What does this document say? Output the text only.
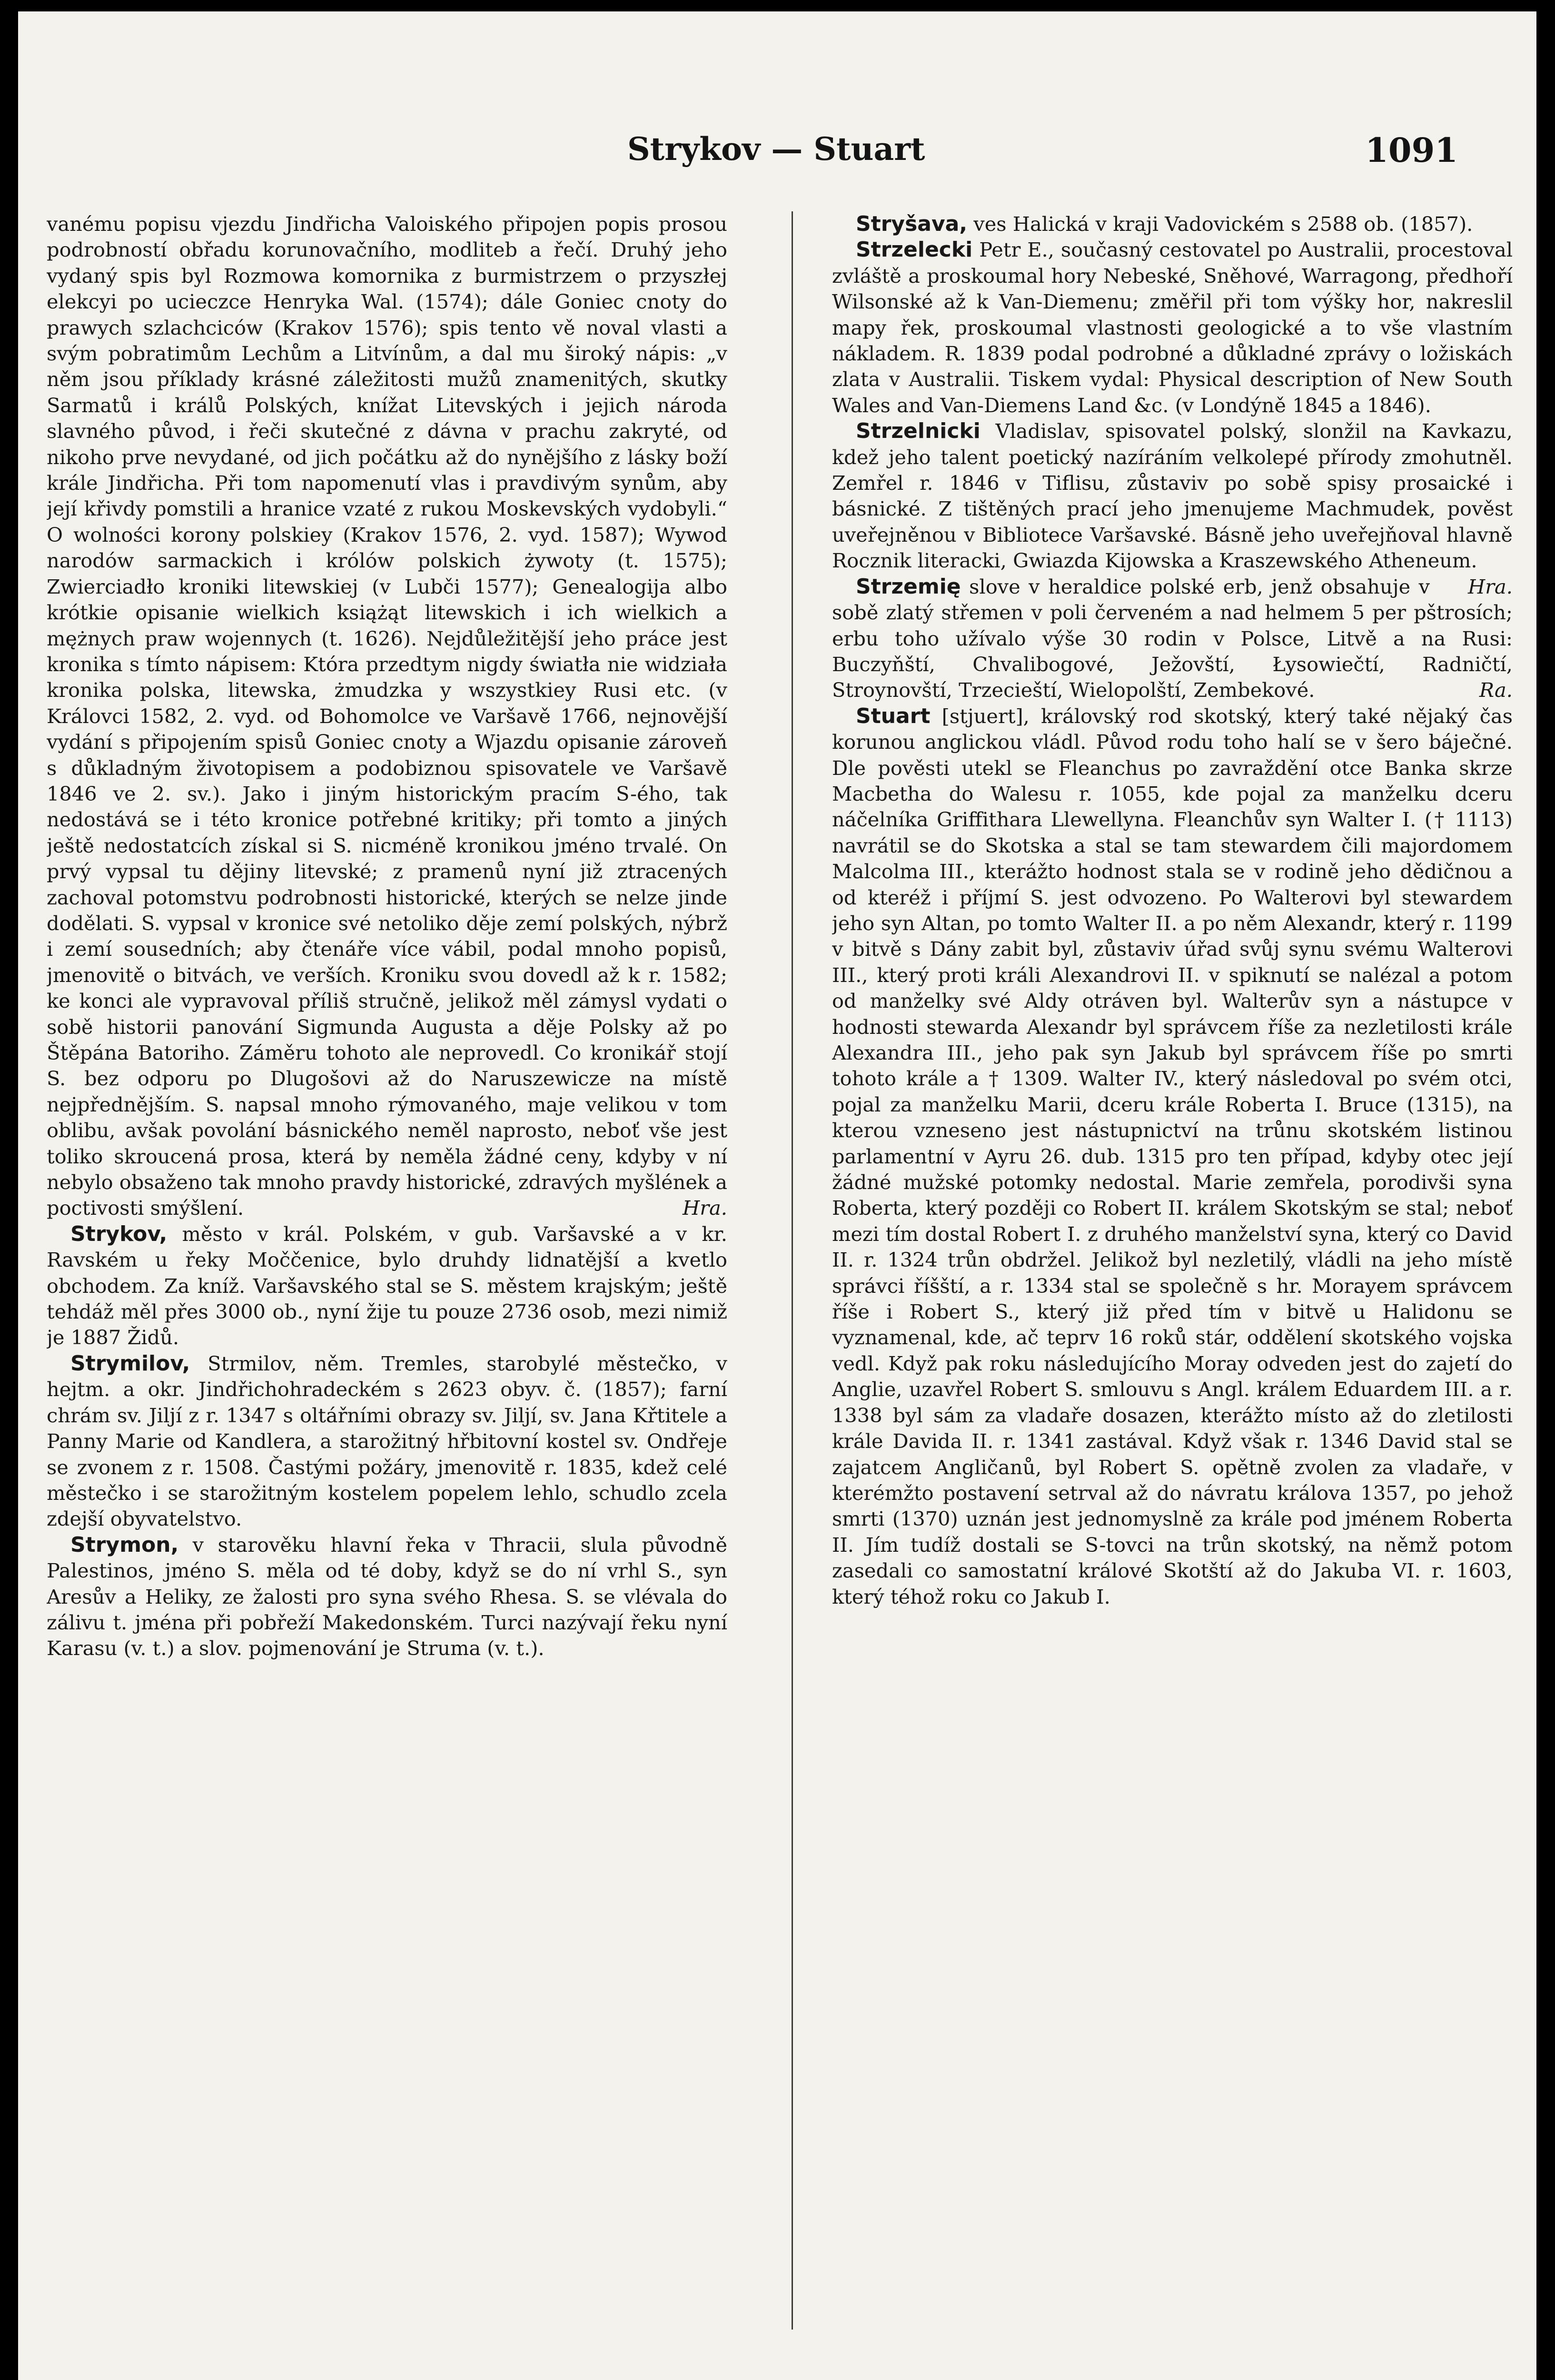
Strykov — Stuart	1091

vanému popisu vjezdu Jindřicha Valoiského připojen popis prosou podrobností obřadu korunovačního, modliteb a řečí. Druhý jeho vydaný spis byl Rozmowa komornika z burmistrzem o przyszłej elekcyi po ucieczce Henryka Wal. (1574); dále Goniec cnoty do prawych szlachciców (Krakov 1576); spis tento vě noval vlasti a svým pobratimům Lechům a Litvínům, a dal mu široký nápis: „v něm jsou příklady krásné záležitosti mužů znamenitých, skutky Sarmatů i králů Polských, knížat Litevských i jejich národa slavného původ, i řeči skutečné z dávna v prachu zakryté, od nikoho prve nevydané, od jich počátku až do nynějšího z lásky boží krále Jindřicha. Při tom napomenutí vlas i pravdivým synům, aby její křivdy pomstili a hranice vzaté z rukou Moskevských vydobyli.“ O wolności korony polskiey (Krakov 1576, 2. vyd. 1587); Wywod narodów sarmackich i królów polskich żywoty (t. 1575); Zwierciadło kroniki litewskiej (v Lubči 1577); Genealogija albo krótkie opisanie wielkich książąt litewskich i ich wielkich a mężnych praw wojennych (t. 1626). Nejdůležitější jeho práce jest kronika s tímto nápisem: Która przedtym nigdy światła nie widziała kronika polska, litewska, żmudzka y wszystkiey Rusi etc. (v Královci 1582, 2. vyd. od Bohomolce ve Varšavě 1766, nejnovější vydání s připojením spisů Goniec cnoty a Wjazdu opisanie zároveň s důkladným životopisem a podobiznou spisovatele ve Varšavě 1846 ve 2. sv.). Jako i jiným historickým pracím S-ého, tak nedostává se i této kronice potřebné kritiky; při tomto a jiných ještě nedostatcích získal si S. nicméně kronikou jméno trvalé. On prvý vypsal tu dějiny litevské; z pramenů nyní již ztracených zachoval potomstvu podrobnosti historické, kterých se nelze jinde dodělati. S. vypsal v kronice své netoliko děje zemí polských, nýbrž i zemí sousedních; aby čtenáře více vábil, podal mnoho popisů, jmenovitě o bitvách, ve verších. Kroniku svou dovedl až k r. 1582; ke konci ale vypravoval příliš stručně, jelikož měl zámysl vydati o sobě historii panování Sigmunda Augusta a děje Polsky až po Štěpána Batoriho. Záměru tohoto ale neprovedl. Co kronikář stojí S. bez odporu po Dlugošovi až do Naruszewicze na místě nejpřednějším. S. napsal mnoho rýmovaného, maje velikou v tom oblibu, avšak povolání básnického neměl naprosto, neboť vše jest toliko skroucená prosa, která by neměla žádné ceny, kdyby v ní nebylo obsaženo tak mnoho pravdy historické, zdravých myšlének a poctivosti smýšlení.	Hra.

Strykov, město v král. Polském, v gub. Varšavské a v kr. Ravském u řeky Moččenice, bylo druhdy lidnatější a kvetlo obchodem. Za kníž. Varšavského stal se S. městem krajským; ještě tehdáž měl přes 3000 ob., nyní žije tu pouze 2736 osob, mezi nimiž je 1887 Židů.

Strymilov, Strmilov, něm. Tremles, starobylé městečko, v hejtm. a okr. Jindřichohradeckém s 2623 obyv. č. (1857); farní chrám sv. Jiljí z r. 1347 s oltářními obrazy sv. Jiljí, sv. Jana Křtitele a Panny Marie od Kandlera, a starožitný hřbitovní kostel sv. Ondřeje se zvonem z r. 1508. Častými požáry, jmenovitě r. 1835, kdež celé městečko i se starožitným kostelem popelem lehlo, schudlo zcela zdejší obyvatelstvo.

Strymon, v starověku hlavní řeka v Thracii, slula původně Palestinos, jméno S. měla od té doby, když se do ní vrhl S., syn Aresův a Heliky, ze žalosti pro syna svého Rhesa. S. se vlévala do zálivu t. jména při pobřeží Makedonském. Turci nazývají řeku nyní Karasu (v. t.) a slov. pojmenování je Struma (v. t.).

Stryšava, ves Halická v kraji Vadovickém s 2588 ob. (1857).

Strzelecki Petr E., současný cestovatel po Australii, procestoval zvláště a proskoumal hory Nebeské, Sněhové, Warragong, předhoří Wilsonské až k Van-Diemenu; změřil při tom výšky hor, nakreslil mapy řek, proskoumal vlastnosti geologické a to vše vlastním nákladem. R. 1839 podal podrobné a důkladné zprávy o ložiskách zlata v Australii. Tiskem vydal: Physical description of New South Wales and Van-Diemens Land &c. (v Londýně 1845 a 1846).

Strzelnicki Vladislav, spisovatel polský, slonžil na Kavkazu, kdež jeho talent poetický nazíráním velkolepé přírody zmohutněl. Zemřel r. 1846 v Tiflisu, zůstaviv po sobě spisy prosaické i básnické. Z tištěných prací jeho jmenujeme Machmudek, pověst uveřejněnou v Bibliotece Varšavské. Básně jeho uveřejňoval hlavně Rocznik literacki, Gwiazda Kijowska a Kraszewského Atheneum.
Hra.

Strzemię slove v heraldice polské erb, jenž obsahuje v sobě zlatý střemen v poli červeném a nad helmem 5 per pštrosích; erbu toho užívalo výše 30 rodin v Polsce, Litvě a na Rusi: Buczyňští, Chvalibogové, Ježovští, Łysowiečtí, Radničtí, Stroynovští, Trzecieští, Wielopolští, Zembekové.	Ra.

Stuart [stjuert], královský rod skotský, který také nějaký čas korunou anglickou vládl. Původ rodu toho halí se v šero báječné. Dle pověsti utekl se Fleanchus po zavraždění otce Banka skrze Macbetha do Walesu r. 1055, kde pojal za manželku dceru náčelníka Griffithara Llewellyna. Fleanchův syn Walter I. († 1113) navrátil se do Skotska a stal se tam stewardem čili majordomem Malcolma III., kterážto hodnost stala se v rodině jeho dědičnou a od kteréž i příjmí S. jest odvozeno. Po Walterovi byl stewardem jeho syn Altan, po tomto Walter II. a po něm Alexandr, který r. 1199 v bitvě s Dány zabit byl, zůstaviv úřad svůj synu svému Walterovi III., který proti králi Alexandrovi II. v spiknutí se nalézal a potom od manželky své Aldy otráven byl. Walterův syn a nástupce v hodnosti stewarda Alexandr byl správcem říše za nezletilosti krále Alexandra III., jeho pak syn Jakub byl správcem říše po smrti tohoto krále a † 1309. Walter IV., který následoval po svém otci, pojal za manželku Marii, dceru krále Roberta I. Bruce (1315), na kterou vzneseno jest nástupnictví na trůnu skotském listinou parlamentní v Ayru 26. dub. 1315 pro ten případ, kdyby otec její žádné mužské potomky nedostal. Marie zemřela, porodivši syna Roberta, který později co Robert II. králem Skotským se stal; neboť mezi tím dostal Robert I. z druhého manželství syna, který co David II. r. 1324 trůn obdržel. Jelikož byl nezletilý, vládli na jeho místě správci říšští, a r. 1334 stal se společně s hr. Morayem správcem říše i Robert S., který již před tím v bitvě u Halidonu se vyznamenal, kde, ač teprv 16 roků stár, oddělení skotského vojska vedl. Když pak roku následujícího Moray odveden jest do zajetí do Anglie, uzavřel Robert S. smlouvu s Angl. králem Eduardem III. a r. 1338 byl sám za vladaře dosazen, kterážto místo až do zletilosti krále Davida II. r. 1341 zastával. Když však r. 1346 David stal se zajatcem Angličanů, byl Robert S. opětně zvolen za vladaře, v kterémžto postavení setrval až do návratu králova 1357, po jehož smrti (1370) uznán jest jednomyslně za krále pod jménem Roberta II. Jím tudíž dostali se S-tovci na trůn skotský, na němž potom zasedali co samostatní králové Skotští až do Jakuba VI. r. 1603, který téhož roku co Jakub I.
